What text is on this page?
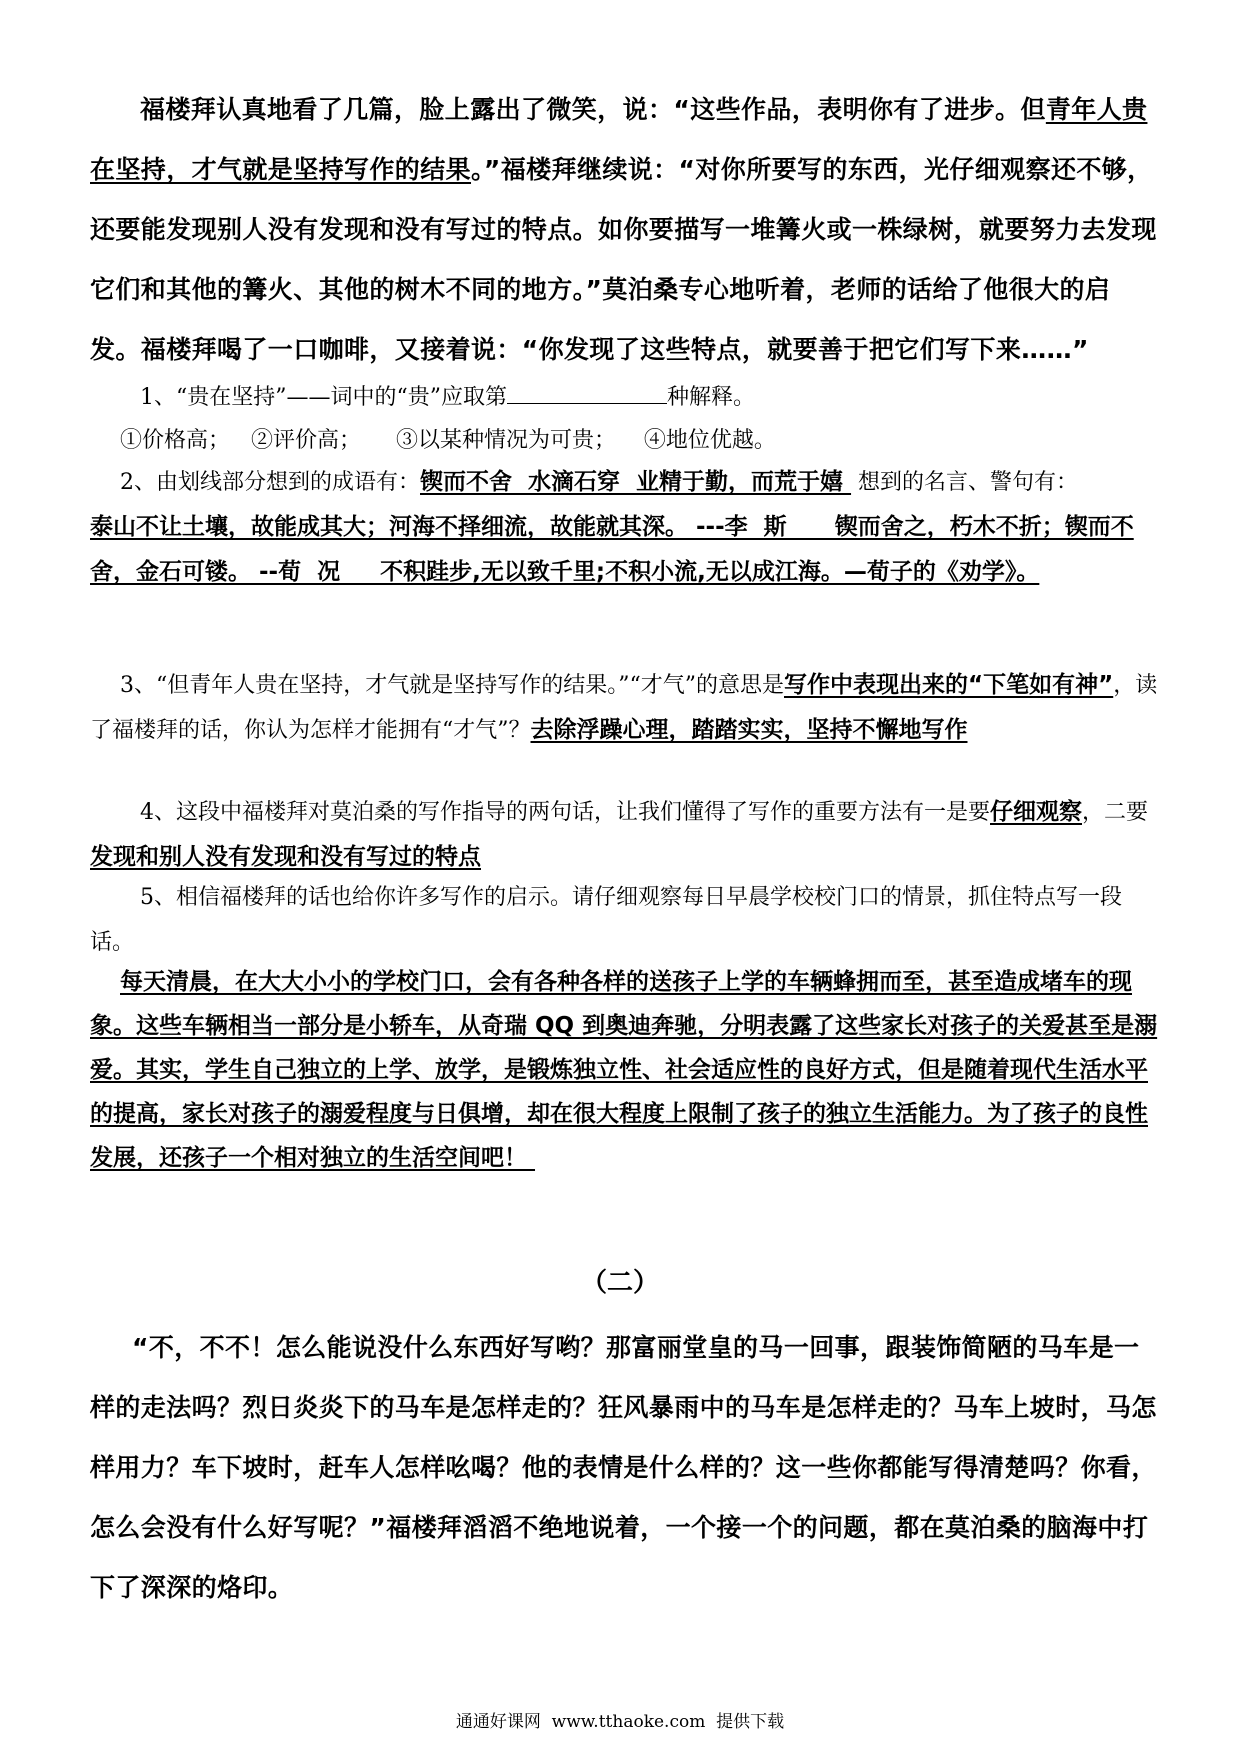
福楼拜认真地看了几篇，脸上露出了微笑，说：“这些作品，表明你有了进步。但青年人贵在坚持，才气就是坚持写作的结果。”福楼拜继续说：“对你所要写的东西，光仔细观察还不够，还要能发现别人没有发现和没有写过的特点。如你要描写一堆篝火或一株绿树，就要努力去发现它们和其他的篝火、其他的树木不同的地方。”莫泊桑专心地听着，老师的话给了他很大的启发。福楼拜喝了一口咖啡，又接着说：“你发现了这些特点，就要善于把它们写下来……”

1、“贵在坚持”——词中的“贵”应取第	种解释。

①价格高；   ②评价高；     ③以某种情况为可贵；    ④地位优越。

2、由划线部分想到的成语有：锲而不舍  水滴石穿  业精于勤，而荒于嬉  想到的名言、警句有：
泰山不让土壤，故能成其大；河海不择细流，故能就其深。 ---李  斯      锲而舍之，朽木不折；锲而不舍，金石可镂。 --荀  况     不积跬步,无以致千里;不积小流,无以成江海。—荀子的《劝学》。

3、“但青年人贵在坚持，才气就是坚持写作的结果。”“才气”的意思是写作中表现出来的“下笔如有神”，读了福楼拜的话，你认为怎样才能拥有“才气”？去除浮躁心理，踏踏实实，坚持不懈地写作

4、这段中福楼拜对莫泊桑的写作指导的两句话，让我们懂得了写作的重要方法有一是要仔细观察，二要发现和别人没有发现和没有写过的特点

5、相信福楼拜的话也给你许多写作的启示。请仔细观察每日早晨学校校门口的情景，抓住特点写一段话。

每天清晨，在大大小小的学校门口，会有各种各样的送孩子上学的车辆蜂拥而至，甚至造成堵车的现象。这些车辆相当一部分是小轿车，从奇瑞 QQ 到奥迪奔驰，分明表露了这些家长对孩子的关爱甚至是溺爱。其实，学生自己独立的上学、放学，是锻炼独立性、社会适应性的良好方式，但是随着现代生活水平的提高，家长对孩子的溺爱程度与日俱增，却在很大程度上限制了孩子的独立生活能力。为了孩子的良性发展，还孩子一个相对独立的生活空间吧！

（二）

“不，不不！怎么能说没什么东西好写哟？那富丽堂皇的马一回事，跟装饰简陋的马车是一样的走法吗？烈日炎炎下的马车是怎样走的？狂风暴雨中的马车是怎样走的？马车上坡时，马怎样用力？车下坡时，赶车人怎样吆喝？他的表情是什么样的？这一些你都能写得清楚吗？你看，怎么会没有什么好写呢？”福楼拜滔滔不绝地说着，一个接一个的问题，都在莫泊桑的脑海中打下了深深的烙印。

通通好课网  www.tthaoke.com  提供下载
